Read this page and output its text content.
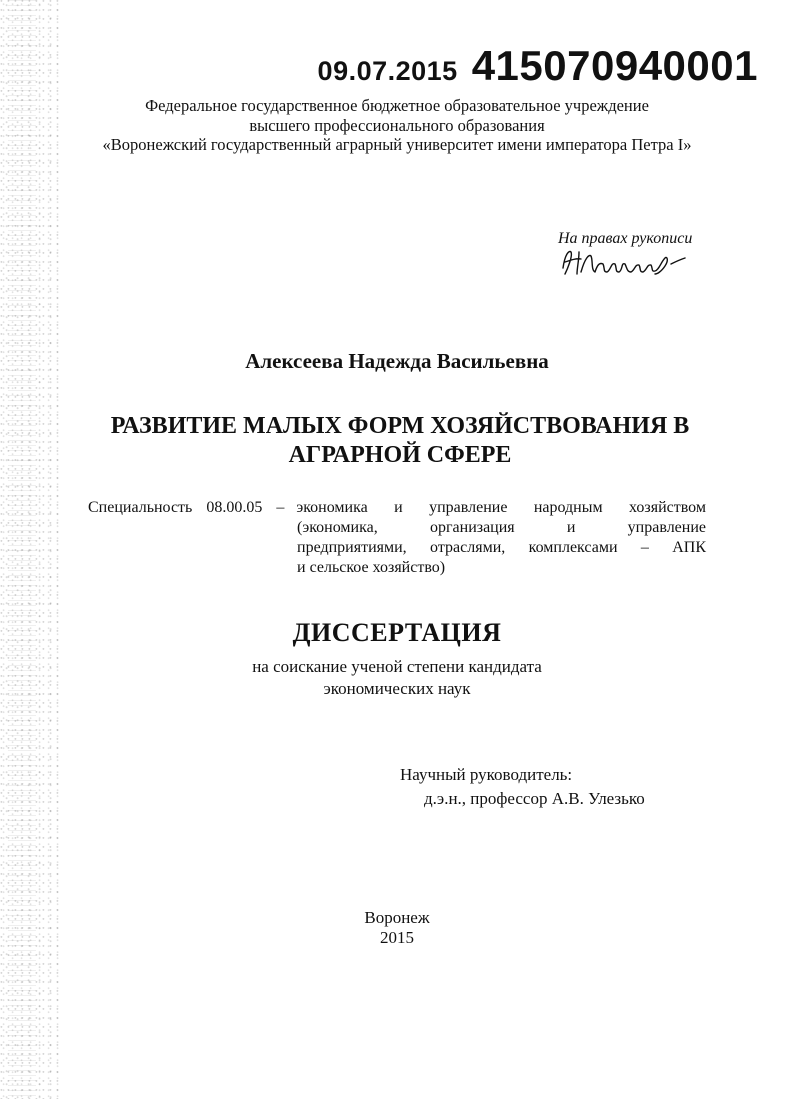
09.07.2015 415070940001
Федеральное государственное бюджетное образовательное учреждение
высшего профессионального образования
«Воронежский государственный аграрный университет имени императора Петра I»
На правах рукописи
Алексеева Надежда Васильевна
РАЗВИТИЕ МАЛЫХ ФОРМ ХОЗЯЙСТВОВАНИЯ В
АГРАРНОЙ СФЕРЕ
Специальность 08.00.05 – экономика и управление народным хозяйством
(экономика, организация и управление
предприятиями, отраслями, комплексами – АПК
и сельское хозяйство)
ДИССЕРТАЦИЯ
на соискание ученой степени кандидата
экономических наук
Научный руководитель:
д.э.н., профессор А.В. Улезько
Воронеж
2015
